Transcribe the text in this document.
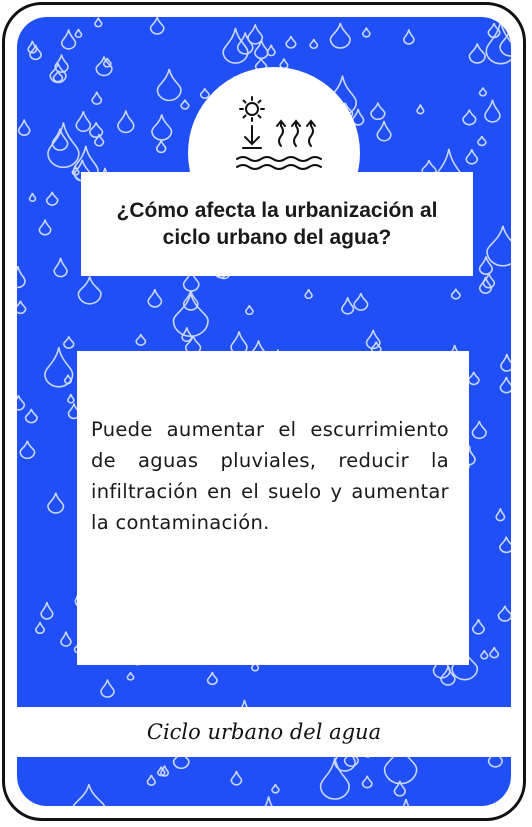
¿Cómo afecta la urbanización al ciclo urbano del agua?

Puede aumentar el escurrimiento de aguas pluviales, reducir la infiltración en el suelo y aumentar la contaminación.

Ciclo urbano del agua
